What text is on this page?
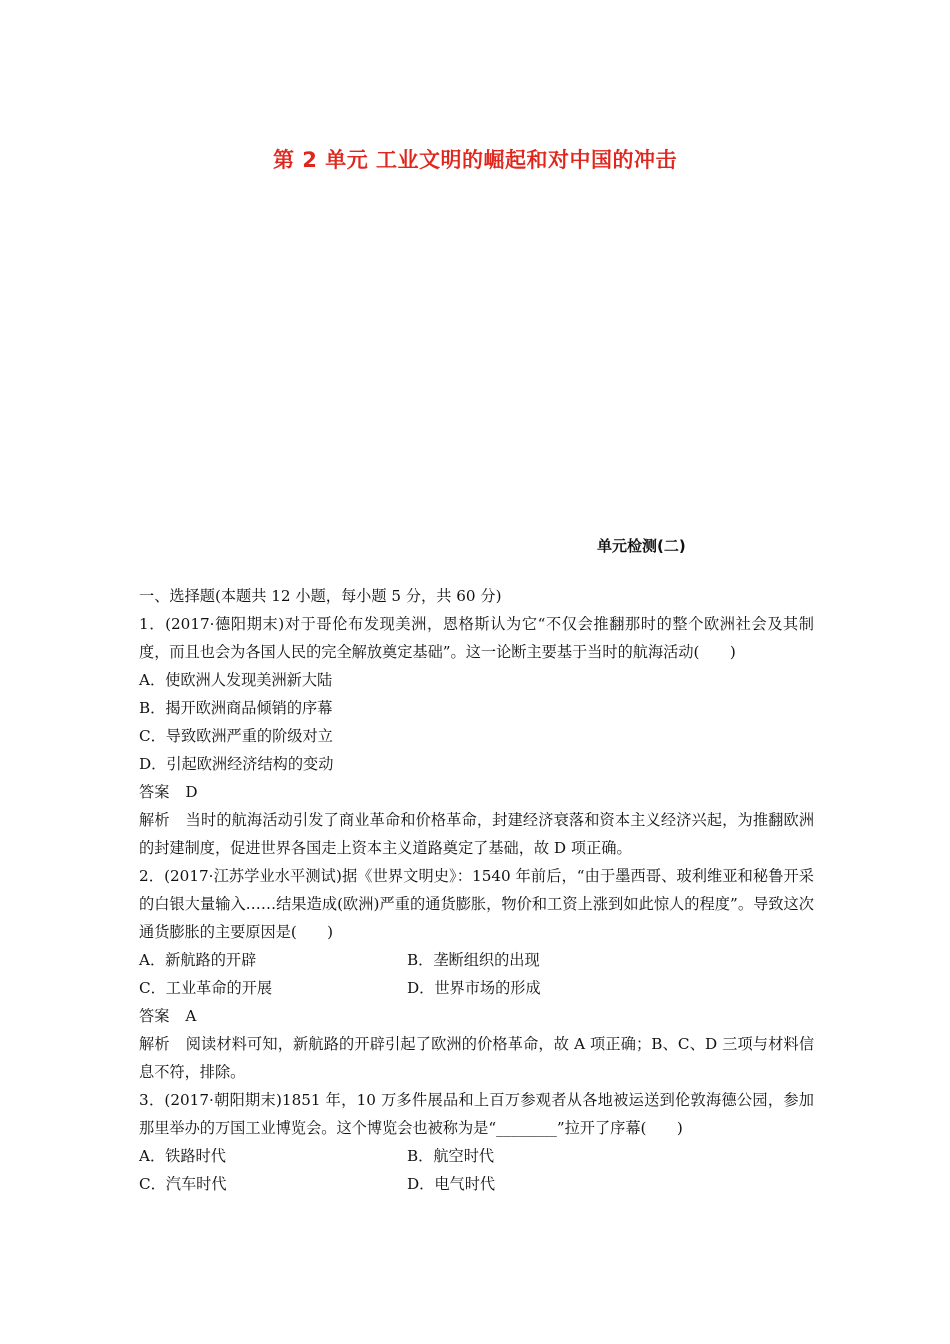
第 2 单元 工业文明的崛起和对中国的冲击
单元检测(二)

一、选择题(本题共 12 小题，每小题 5 分，共 60 分)

1．(2017·德阳期末)对于哥伦布发现美洲，恩格斯认为它“不仅会推翻那时的整个欧洲社会及其制度，而且也会为各国人民的完全解放奠定基础”。这一论断主要基于当时的航海活动(　　)

A．使欧洲人发现美洲新大陆

B．揭开欧洲商品倾销的序幕

C．导致欧洲严重的阶级对立

D．引起欧洲经济结构的变动

答案 D

解析 当时的航海活动引发了商业革命和价格革命，封建经济衰落和资本主义经济兴起，为推翻欧洲的封建制度，促进世界各国走上资本主义道路奠定了基础，故 D 项正确。

2．(2017·江苏学业水平测试)据《世界文明史》：1540 年前后，“由于墨西哥、玻利维亚和秘鲁开采的白银大量输入……结果造成(欧洲)严重的通货膨胀，物价和工资上涨到如此惊人的程度”。导致这次通货膨胀的主要原因是(　　)

A．新航路的开辟	B．垄断组织的出现
C．工业革命的开展	D．世界市场的形成

答案 A

解析 阅读材料可知，新航路的开辟引起了欧洲的价格革命，故 A 项正确；B、C、D 三项与材料信息不符，排除。

3．(2017·朝阳期末)1851 年，10 万多件展品和上百万参观者从各地被运送到伦敦海德公园，参加那里举办的万国工业博览会。这个博览会也被称为是“________”拉开了序幕(　　)

A．铁路时代	B．航空时代
C．汽车时代	D．电气时代
